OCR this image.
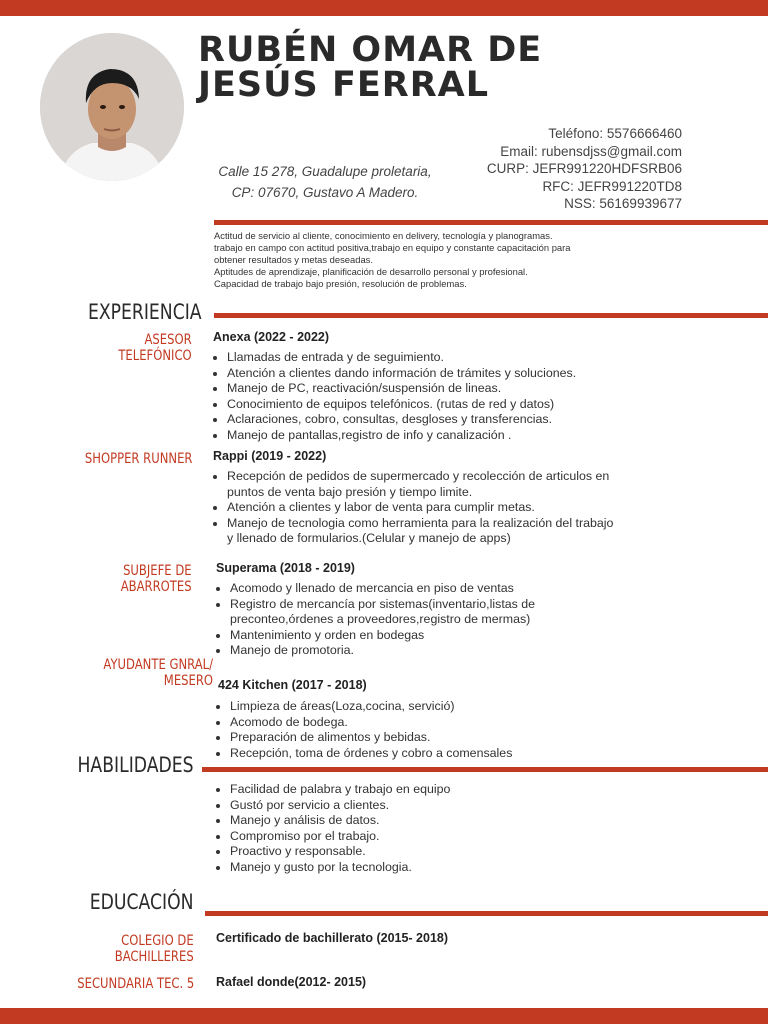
RUBÉN OMAR DE
JESÚS FERRAL
Calle 15 278, Guadalupe proletaria,
CP: 07670, Gustavo A Madero.
Teléfono: 5576666460
Email: rubensdjss@gmail.com
CURP: JEFR991220HDFSRB06
RFC: JEFR991220TD8
NSS: 56169939677
Actitud de servicio al cliente, conocimiento en delivery, tecnología y planogramas.
trabajo en campo con actitud positiva,trabajo en equipo y constante capacitación para
obtener resultados y metas deseadas.
Aptitudes de aprendizaje, planificación de desarrollo personal y profesional.
Capacidad de trabajo bajo presión, resolución de problemas.
EXPERIENCIA
ASESOR
TELEFÓNICO
Anexa (2022 - 2022)
• Llamadas de entrada y de seguimiento.
• Atención a clientes dando información de trámites y soluciones.
• Manejo de PC, reactivación/suspensión de lineas.
• Conocimiento de equipos telefónicos. (rutas de red y datos)
• Aclaraciones, cobro, consultas, desgloses y transferencias.
• Manejo de pantallas,registro de info y canalización .
SHOPPER RUNNER Rappi (2019 - 2022)
• Recepción de pedidos de supermercado y recolección de articulos en puntos de venta bajo presión y tiempo limite.
• Atención a clientes y labor de venta para cumplir metas.
• Manejo de tecnologia como herramienta para la realización del trabajo y llenado de formularios.(Celular y manejo de apps)
SUBJEFE DE
ABARROTES
Superama (2018 - 2019)
• Acomodo y llenado de mercancia en piso de ventas
• Registro de mercancía por sistemas(inventario,listas de preconteo,órdenes a proveedores,registro de mermas)
• Mantenimiento y orden en bodegas
• Manejo de promotoria.
AYUDANTE GNRAL/
MESERO 424 Kitchen (2017 - 2018)
• Limpieza de áreas(Loza,cocina, servició)
• Acomodo de bodega.
• Preparación de alimentos y bebidas.
• Recepción, toma de órdenes y cobro a comensales
HABILIDADES
• Facilidad de palabra y trabajo en equipo
• Gustó por servicio a clientes.
• Manejo y análisis de datos.
• Compromiso por el trabajo.
• Proactivo y responsable.
• Manejo y gusto por la tecnologia.
EDUCACIÓN
COLEGIO DE
BACHILLERES
Certificado de bachillerato (2015- 2018)
SECUNDARIA TEC. 5 Rafael donde(2012- 2015)
